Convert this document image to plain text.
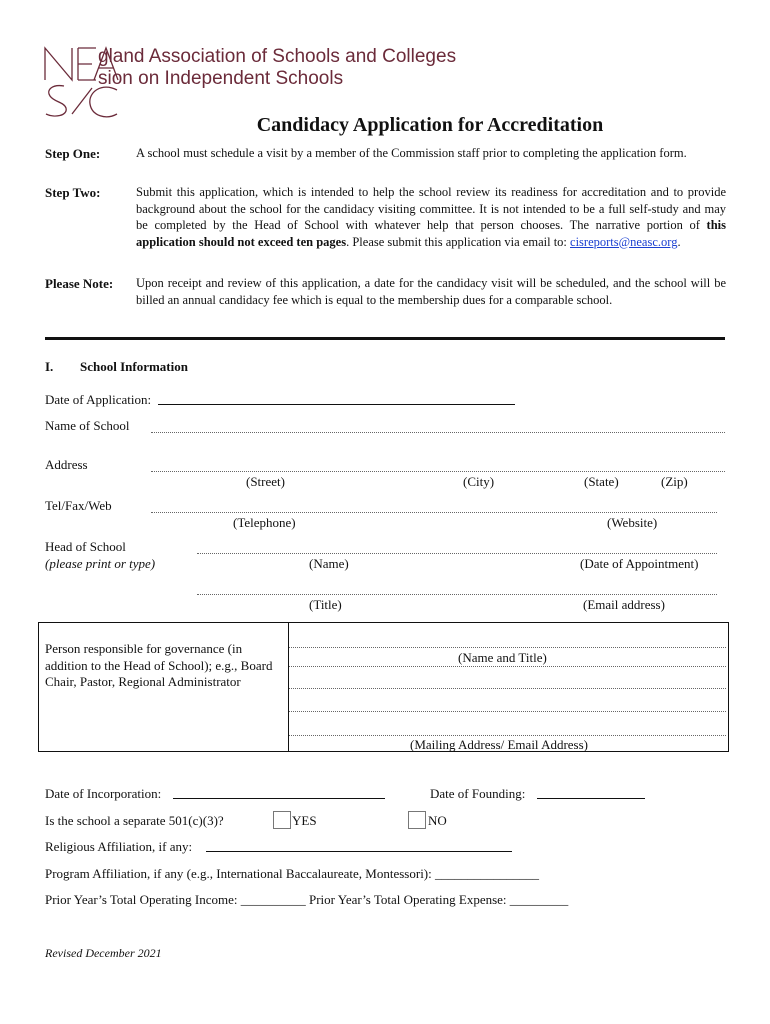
gland Association of Schools and Colleges
sion on Independent Schools
Candidacy Application for Accreditation
Step One:	A school must schedule a visit by a member of the Commission staff prior to completing the application form.
Step Two:	Submit this application, which is intended to help the school review its readiness for accreditation and to provide background about the school for the candidacy visiting committee. It is not intended to be a full self-study and may be completed by the Head of School with whatever help that person chooses. The narrative portion of this application should not exceed ten pages. Please submit this application via email to: cisreports@neasc.org.
Please Note: Upon receipt and review of this application, a date for the candidacy visit will be scheduled, and the school will be billed an annual candidacy fee which is equal to the membership dues for a comparable school.
I. School Information
Date of Application:
Name of School
Address
(Street)	(City)	(State)	(Zip)
Tel/Fax/Web
(Telephone)	(Website)
Head of School
(please print or type)	(Name)	(Date of Appointment)
(Title)	(Email address)
Person responsible for governance (in addition to the Head of School); e.g., Board Chair, Pastor, Regional Administrator
(Name and Title)
(Mailing Address/ Email Address)
Date of Incorporation:	Date of Founding:
Is the school a separate 501(c)(3)?	YES	NO
Religious Affiliation, if any:
Program Affiliation, if any (e.g., International Baccalaureate, Montessori): ________________
Prior Year’s Total Operating Income: __________ Prior Year’s Total Operating Expense: _________
Revised December 2021
